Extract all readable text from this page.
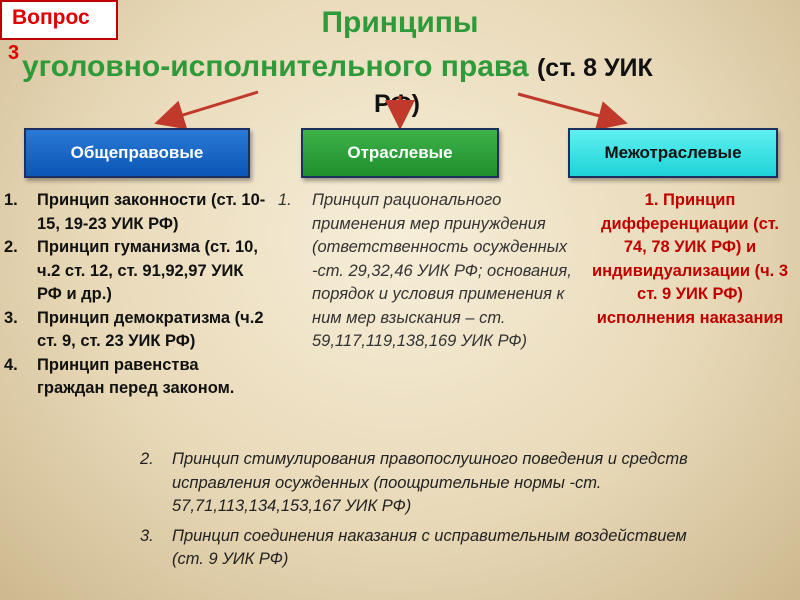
Вопрос
3
Принципы
уголовно-исполнительного права (ст. 8 УИК
РФ)
Общеправовые	Отраслевые	Межотраслевые
1.	Принцип законности (ст. 10-15, 19-23 УИК РФ)
2.	Принцип гуманизма (ст. 10, ч.2 ст. 12, ст. 91,92,97 УИК РФ и др.)
3.	Принцип демократизма (ч.2 ст. 9, ст. 23 УИК РФ)
4.	Принцип равенства граждан перед законом.
1.	Принцип рационального применения мер принуждения (ответственность осужденных -ст. 29,32,46 УИК РФ; основания, порядок и условия применения к ним мер взыскания – ст. 59,117,119,138,169 УИК РФ)
1. Принцип дифференциации (ст. 74, 78 УИК РФ) и индивидуализации (ч. 3 ст. 9 УИК РФ) исполнения наказания
2.	Принцип стимулирования правопослушного поведения и средств исправления осужденных (поощрительные нормы -ст. 57,71,113,134,153,167 УИК РФ)
3.	Принцип соединения наказания с исправительным воздействием (ст. 9 УИК РФ)
